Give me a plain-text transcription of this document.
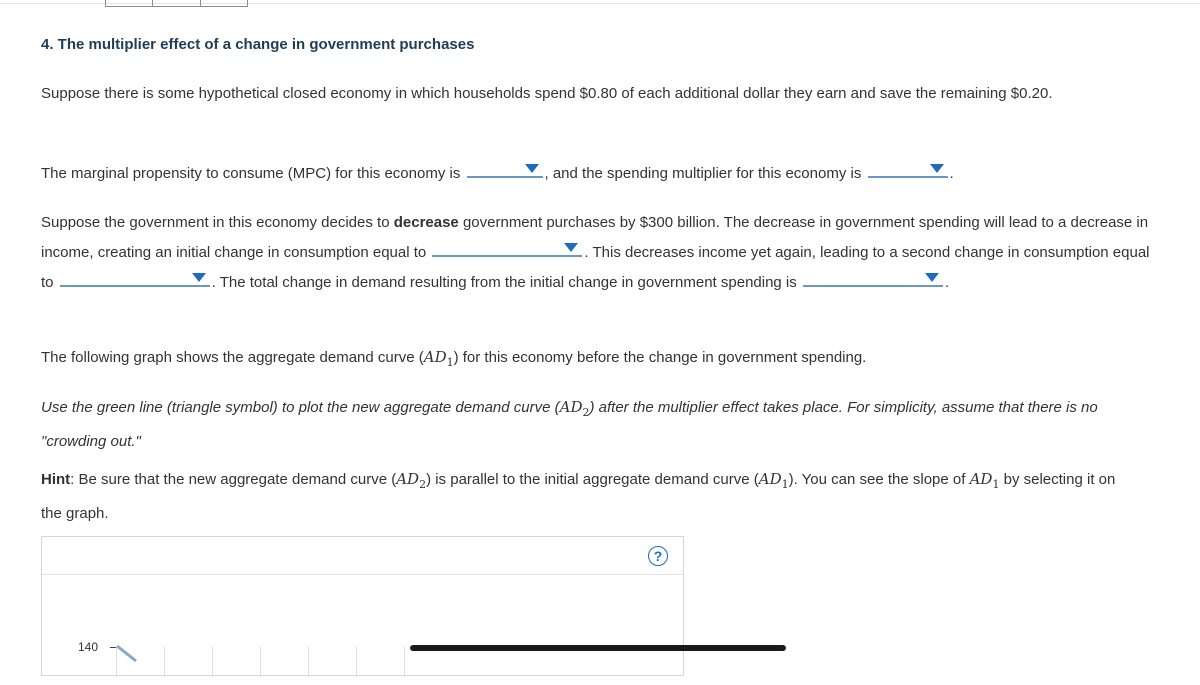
4. The multiplier effect of a change in government purchases

Suppose there is some hypothetical closed economy in which households spend $0.80 of each additional dollar they earn and save the remaining $0.20.

The marginal propensity to consume (MPC) for this economy is	, and the spending multiplier for this economy is	.

Suppose the government in this economy decides to decrease government purchases by $300 billion. The decrease in government spending will lead to a decrease in income, creating an initial change in consumption equal to	. This decreases income yet again, leading to a second change in consumption equal to	. The total change in demand resulting from the initial change in government spending is	.

The following graph shows the aggregate demand curve $(AD_1)$ for this economy before the change in government spending.

Use the green line (triangle symbol) to plot the new aggregate demand curve $(AD_2)$ after the multiplier effect takes place. For simplicity, assume that there is no "crowding out."

Hint: Be sure that the new aggregate demand curve $(AD_2)$ is parallel to the initial aggregate demand curve $(AD_1)$. You can see the slope of $AD_1$ by selecting it on the graph.

?
140
